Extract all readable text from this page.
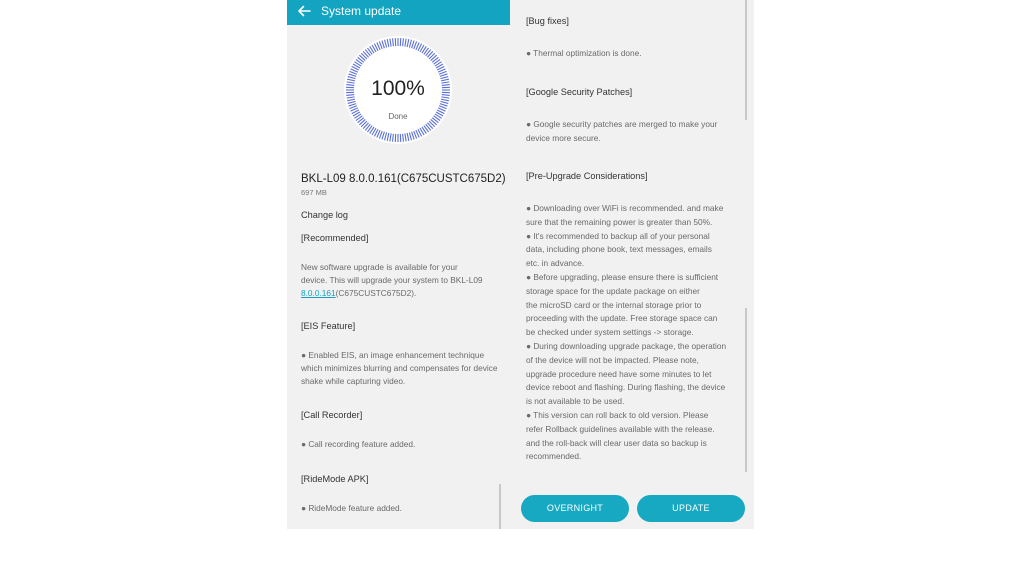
System update
100%
Done
BKL-L09 8.0.0.161(C675CUSTC675D2)
697 MB
Change log
[Recommended]
New software upgrade is available for your
device. This will upgrade your system to BKL-L09
8.0.0.161(C675CUSTC675D2).
[EIS Feature]
● Enabled EIS, an image enhancement technique
which minimizes blurring and compensates for device
shake while capturing video.
[Call Recorder]
● Call recording feature added.
[RideMode APK]
● RideMode feature added.
[Bug fixes]
● Thermal optimization is done.
[Google Security Patches]
● Google security patches are merged to make your
device more secure.
[Pre-Upgrade Considerations]
● Downloading over WiFi is recommended. and make
sure that the remaining power is greater than 50%.
● It's recommended to backup all of your personal
data, including phone book, text messages, emails
etc. in advance.
● Before upgrading, please ensure there is sufficient
storage space for the update package on either
the microSD card or the internal storage prior to
proceeding with the update. Free storage space can
be checked under system settings -> storage.
● During downloading upgrade package, the operation
of the device will not be impacted. Please note,
upgrade procedure need have some minutes to let
device reboot and flashing. During flashing, the device
is not available to be used.
● This version can roll back to old version. Please
refer Rollback guidelines available with the release.
and the roll-back will clear user data so backup is
recommended.
OVERNIGHT	UPDATE
